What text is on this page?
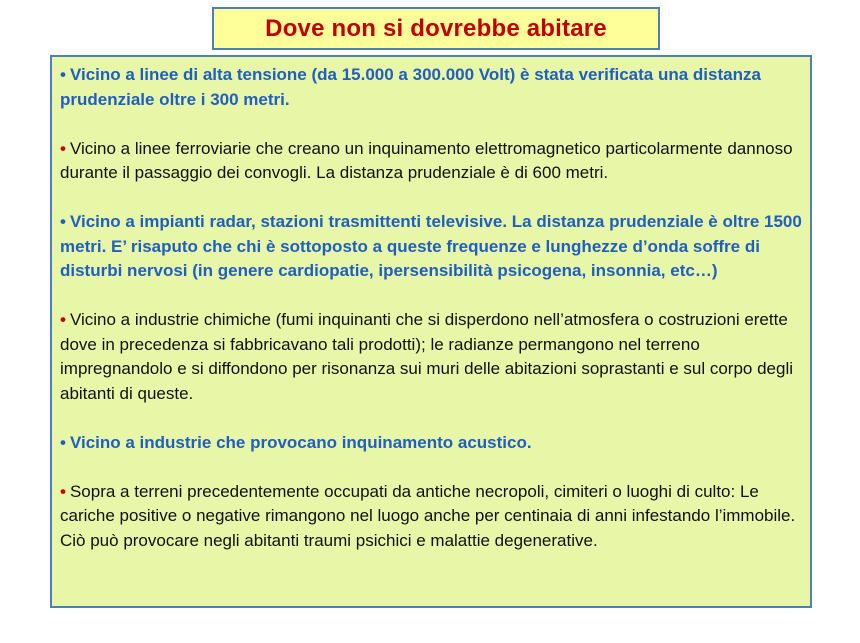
Dove non si dovrebbe abitare

• Vicino a linee di alta tensione (da 15.000 a 300.000 Volt) è stata verificata una distanza prudenziale oltre i 300 metri.

• Vicino a linee ferroviarie che creano un inquinamento elettromagnetico particolarmente dannoso durante il passaggio dei convogli. La distanza prudenziale è di 600 metri.

• Vicino a impianti radar, stazioni trasmittenti televisive. La distanza prudenziale è oltre 1500 metri. E’ risaputo che chi è sottoposto a queste frequenze e lunghezze d’onda soffre di disturbi nervosi (in genere cardiopatie, ipersensibilità psicogena, insonnia, etc…)

• Vicino a industrie chimiche (fumi inquinanti che si disperdono nell’atmosfera o costruzioni erette dove in precedenza si fabbricavano tali prodotti); le radianze permangono nel terreno impregnandolo e si diffondono per risonanza sui muri delle abitazioni soprastanti e sul corpo degli abitanti di queste.

• Vicino a industrie che provocano inquinamento acustico.

• Sopra a terreni precedentemente occupati da antiche necropoli, cimiteri o luoghi di culto: Le cariche positive o negative rimangono nel luogo anche per centinaia di anni infestando l’immobile. Ciò può provocare negli abitanti traumi psichici e malattie degenerative.
